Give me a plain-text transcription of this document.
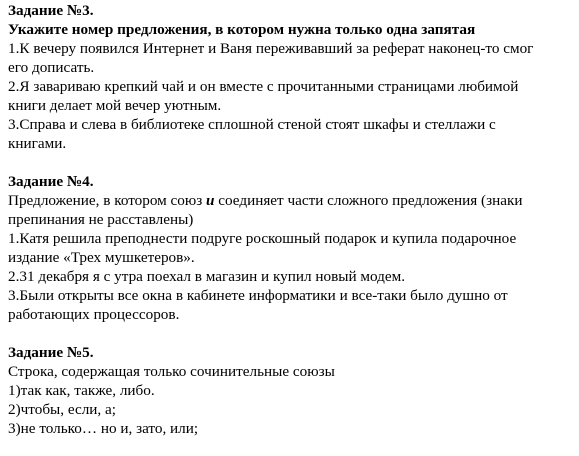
Задание №3.
Укажите номер предложения, в котором нужна только одна запятая
1.К вечеру появился Интернет и Ваня переживавший за реферат наконец-то смог
его дописать.
2.Я завариваю крепкий чай и он вместе с прочитанными страницами любимой
книги делает мой вечер уютным.
3.Справа и слева в библиотеке сплошной стеной стоят шкафы и стеллажи с
книгами.
Задание №4.
Предложение, в котором союз и соединяет части сложного предложения (знаки
препинания не расставлены)
1.Катя решила преподнести подруге роскошный подарок и купила подарочное
издание «Трех мушкетеров».
2.31 декабря я с утра поехал в магазин и купил новый модем.
3.Были открыты все окна в кабинете информатики и все-таки было душно от
работающих процессоров.
Задание №5.
Строка, содержащая только сочинительные союзы
1)так как, также, либо.
2)чтобы, если, а;
3)не только… но и, зато, или;
